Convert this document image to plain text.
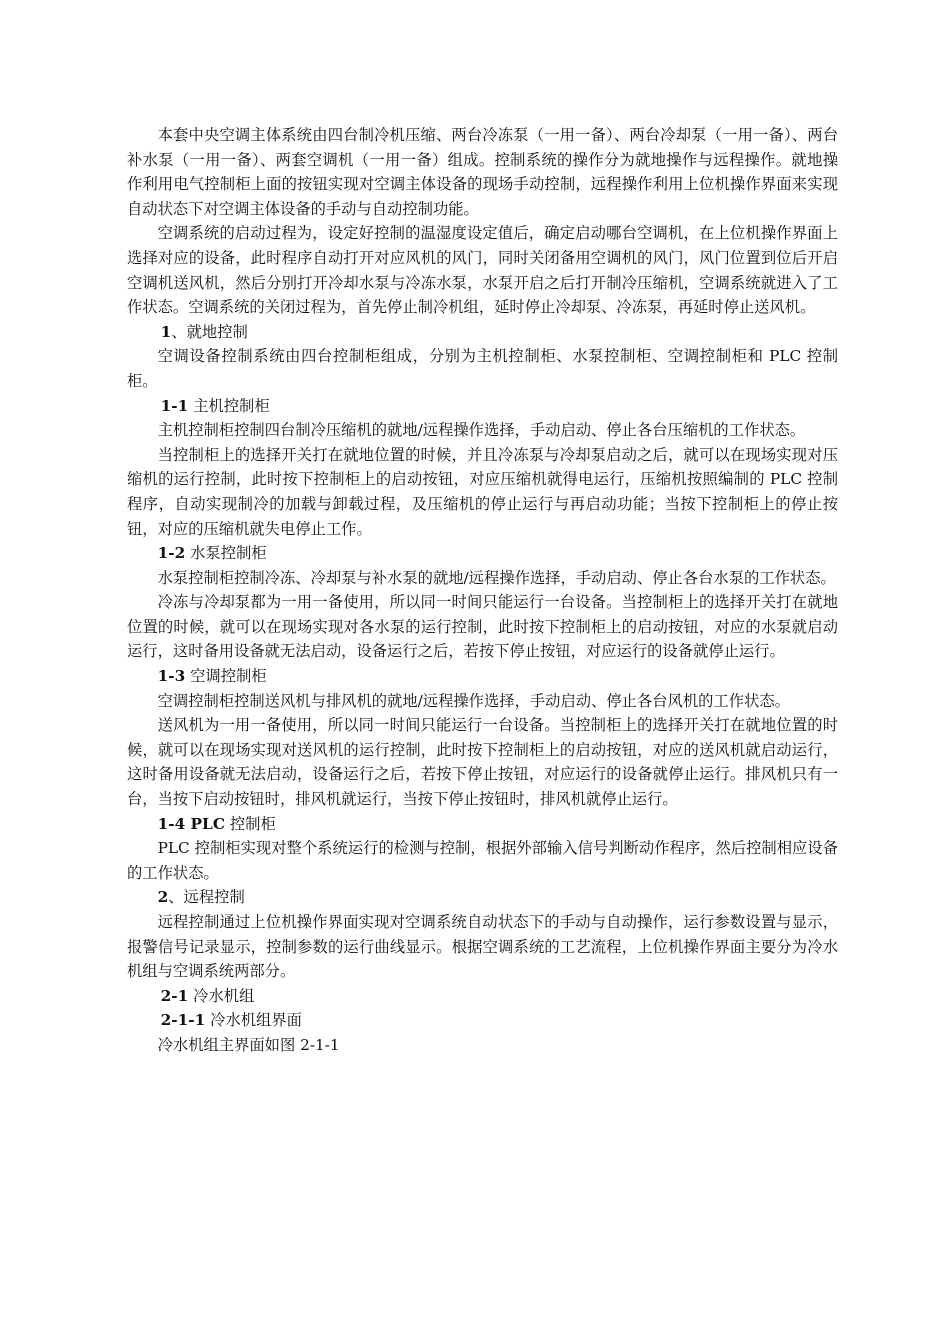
本套中央空调主体系统由四台制冷机压缩、两台冷冻泵（一用一备）、两台冷却泵（一用一备）、两台补水泵（一用一备）、两套空调机（一用一备）组成。控制系统的操作分为就地操作与远程操作。就地操作利用电气控制柜上面的按钮实现对空调主体设备的现场手动控制，远程操作利用上位机操作界面来实现自动状态下对空调主体设备的手动与自动控制功能。

空调系统的启动过程为，设定好控制的温湿度设定值后，确定启动哪台空调机，在上位机操作界面上选择对应的设备，此时程序自动打开对应风机的风门，同时关闭备用空调机的风门，风门位置到位后开启空调机送风机，然后分别打开冷却水泵与冷冻水泵，水泵开启之后打开制冷压缩机，空调系统就进入了工作状态。空调系统的关闭过程为，首先停止制冷机组，延时停止冷却泵、冷冻泵，再延时停止送风机。

1、就地控制

空调设备控制系统由四台控制柜组成，分别为主机控制柜、水泵控制柜、空调控制柜和 PLC 控制柜。

1-1 主机控制柜

主机控制柜控制四台制冷压缩机的就地/远程操作选择，手动启动、停止各台压缩机的工作状态。

当控制柜上的选择开关打在就地位置的时候，并且冷冻泵与冷却泵启动之后，就可以在现场实现对压缩机的运行控制，此时按下控制柜上的启动按钮，对应压缩机就得电运行，压缩机按照编制的 PLC 控制程序，自动实现制冷的加载与卸载过程，及压缩机的停止运行与再启动功能；当按下控制柜上的停止按钮，对应的压缩机就失电停止工作。

1-2 水泵控制柜

水泵控制柜控制冷冻、冷却泵与补水泵的就地/远程操作选择，手动启动、停止各台水泵的工作状态。

冷冻与冷却泵都为一用一备使用，所以同一时间只能运行一台设备。当控制柜上的选择开关打在就地位置的时候，就可以在现场实现对各水泵的运行控制，此时按下控制柜上的启动按钮，对应的水泵就启动运行，这时备用设备就无法启动，设备运行之后，若按下停止按钮，对应运行的设备就停止运行。

1-3 空调控制柜

空调控制柜控制送风机与排风机的就地/远程操作选择，手动启动、停止各台风机的工作状态。

送风机为一用一备使用，所以同一时间只能运行一台设备。当控制柜上的选择开关打在就地位置的时候，就可以在现场实现对送风机的运行控制，此时按下控制柜上的启动按钮，对应的送风机就启动运行，这时备用设备就无法启动，设备运行之后，若按下停止按钮，对应运行的设备就停止运行。排风机只有一台，当按下启动按钮时，排风机就运行，当按下停止按钮时，排风机就停止运行。

1-4 PLC 控制柜

PLC 控制柜实现对整个系统运行的检测与控制，根据外部输入信号判断动作程序，然后控制相应设备的工作状态。

2、远程控制

远程控制通过上位机操作界面实现对空调系统自动状态下的手动与自动操作，运行参数设置与显示，报警信号记录显示，控制参数的运行曲线显示。根据空调系统的工艺流程，上位机操作界面主要分为冷水机组与空调系统两部分。

2-1 冷水机组

2-1-1 冷水机组界面

冷水机组主界面如图 2-1-1
